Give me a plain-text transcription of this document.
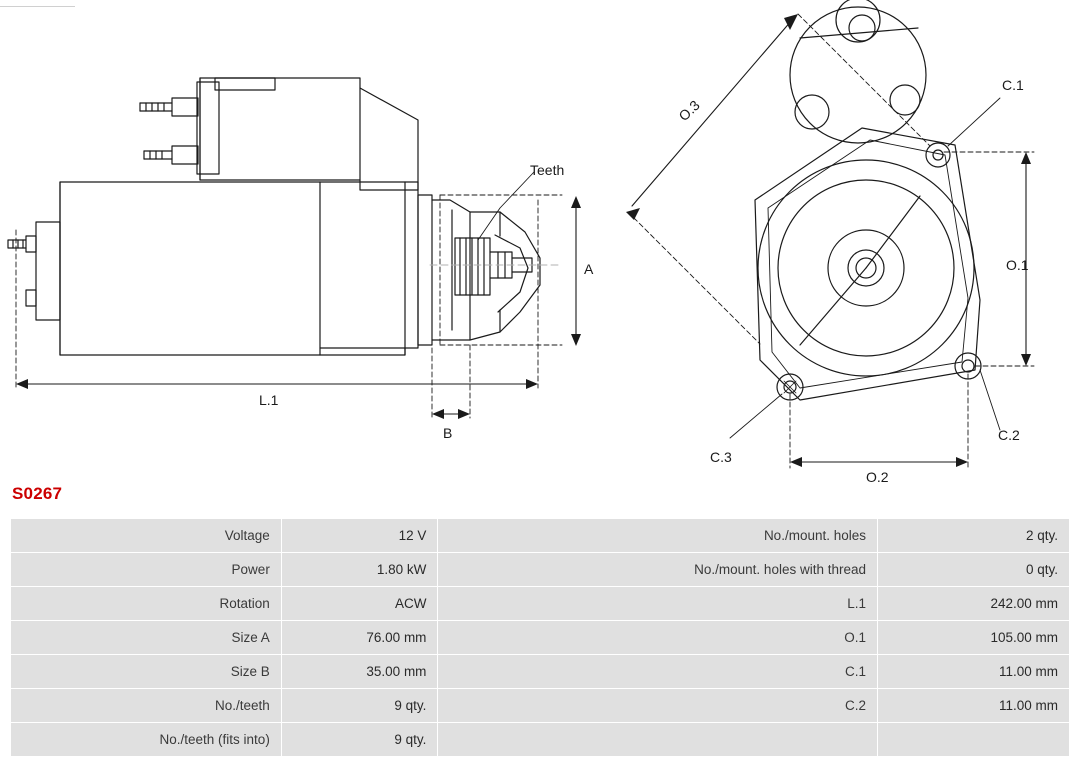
Teeth
A
B
L.1
C.1
C.2
C.3
O.1
O.2
O.3
S0267
Voltage	12 V	No./mount. holes	2 qty.
Power	1.80 kW	No./mount. holes with thread	0 qty.
Rotation	ACW	L.1	242.00 mm
Size A	76.00 mm	O.1	105.00 mm
Size B	35.00 mm	C.1	11.00 mm
No./teeth	9 qty.	C.2	11.00 mm
No./teeth (fits into)	9 qty.		
